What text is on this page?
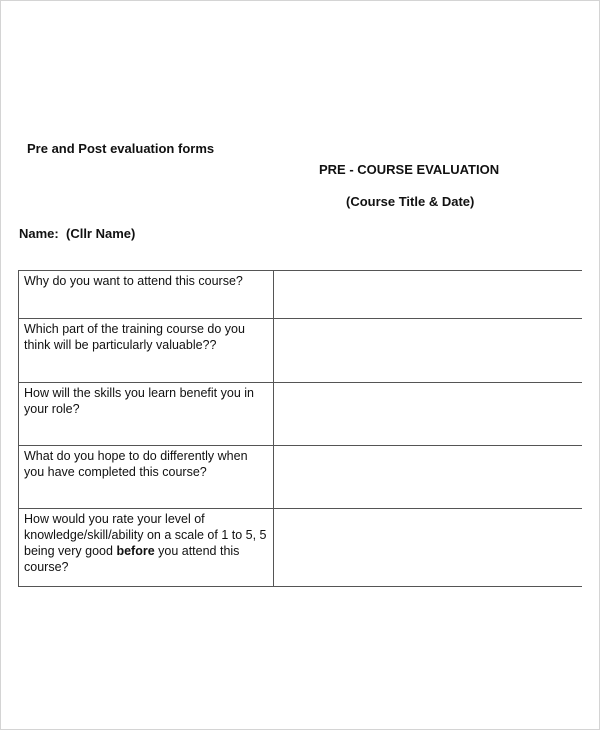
Pre and Post evaluation forms
PRE - COURSE EVALUATION
(Course Title & Date)
Name: (Cllr Name)
Why do you want to attend this course?	
Which part of the training course do you think will be particularly valuable??	
How will the skills you learn benefit you in your role?	
What do you hope to do differently when you have completed this course?	
How would you rate your level of knowledge/skill/ability on a scale of 1 to 5, 5 being very good before you attend this course?	
